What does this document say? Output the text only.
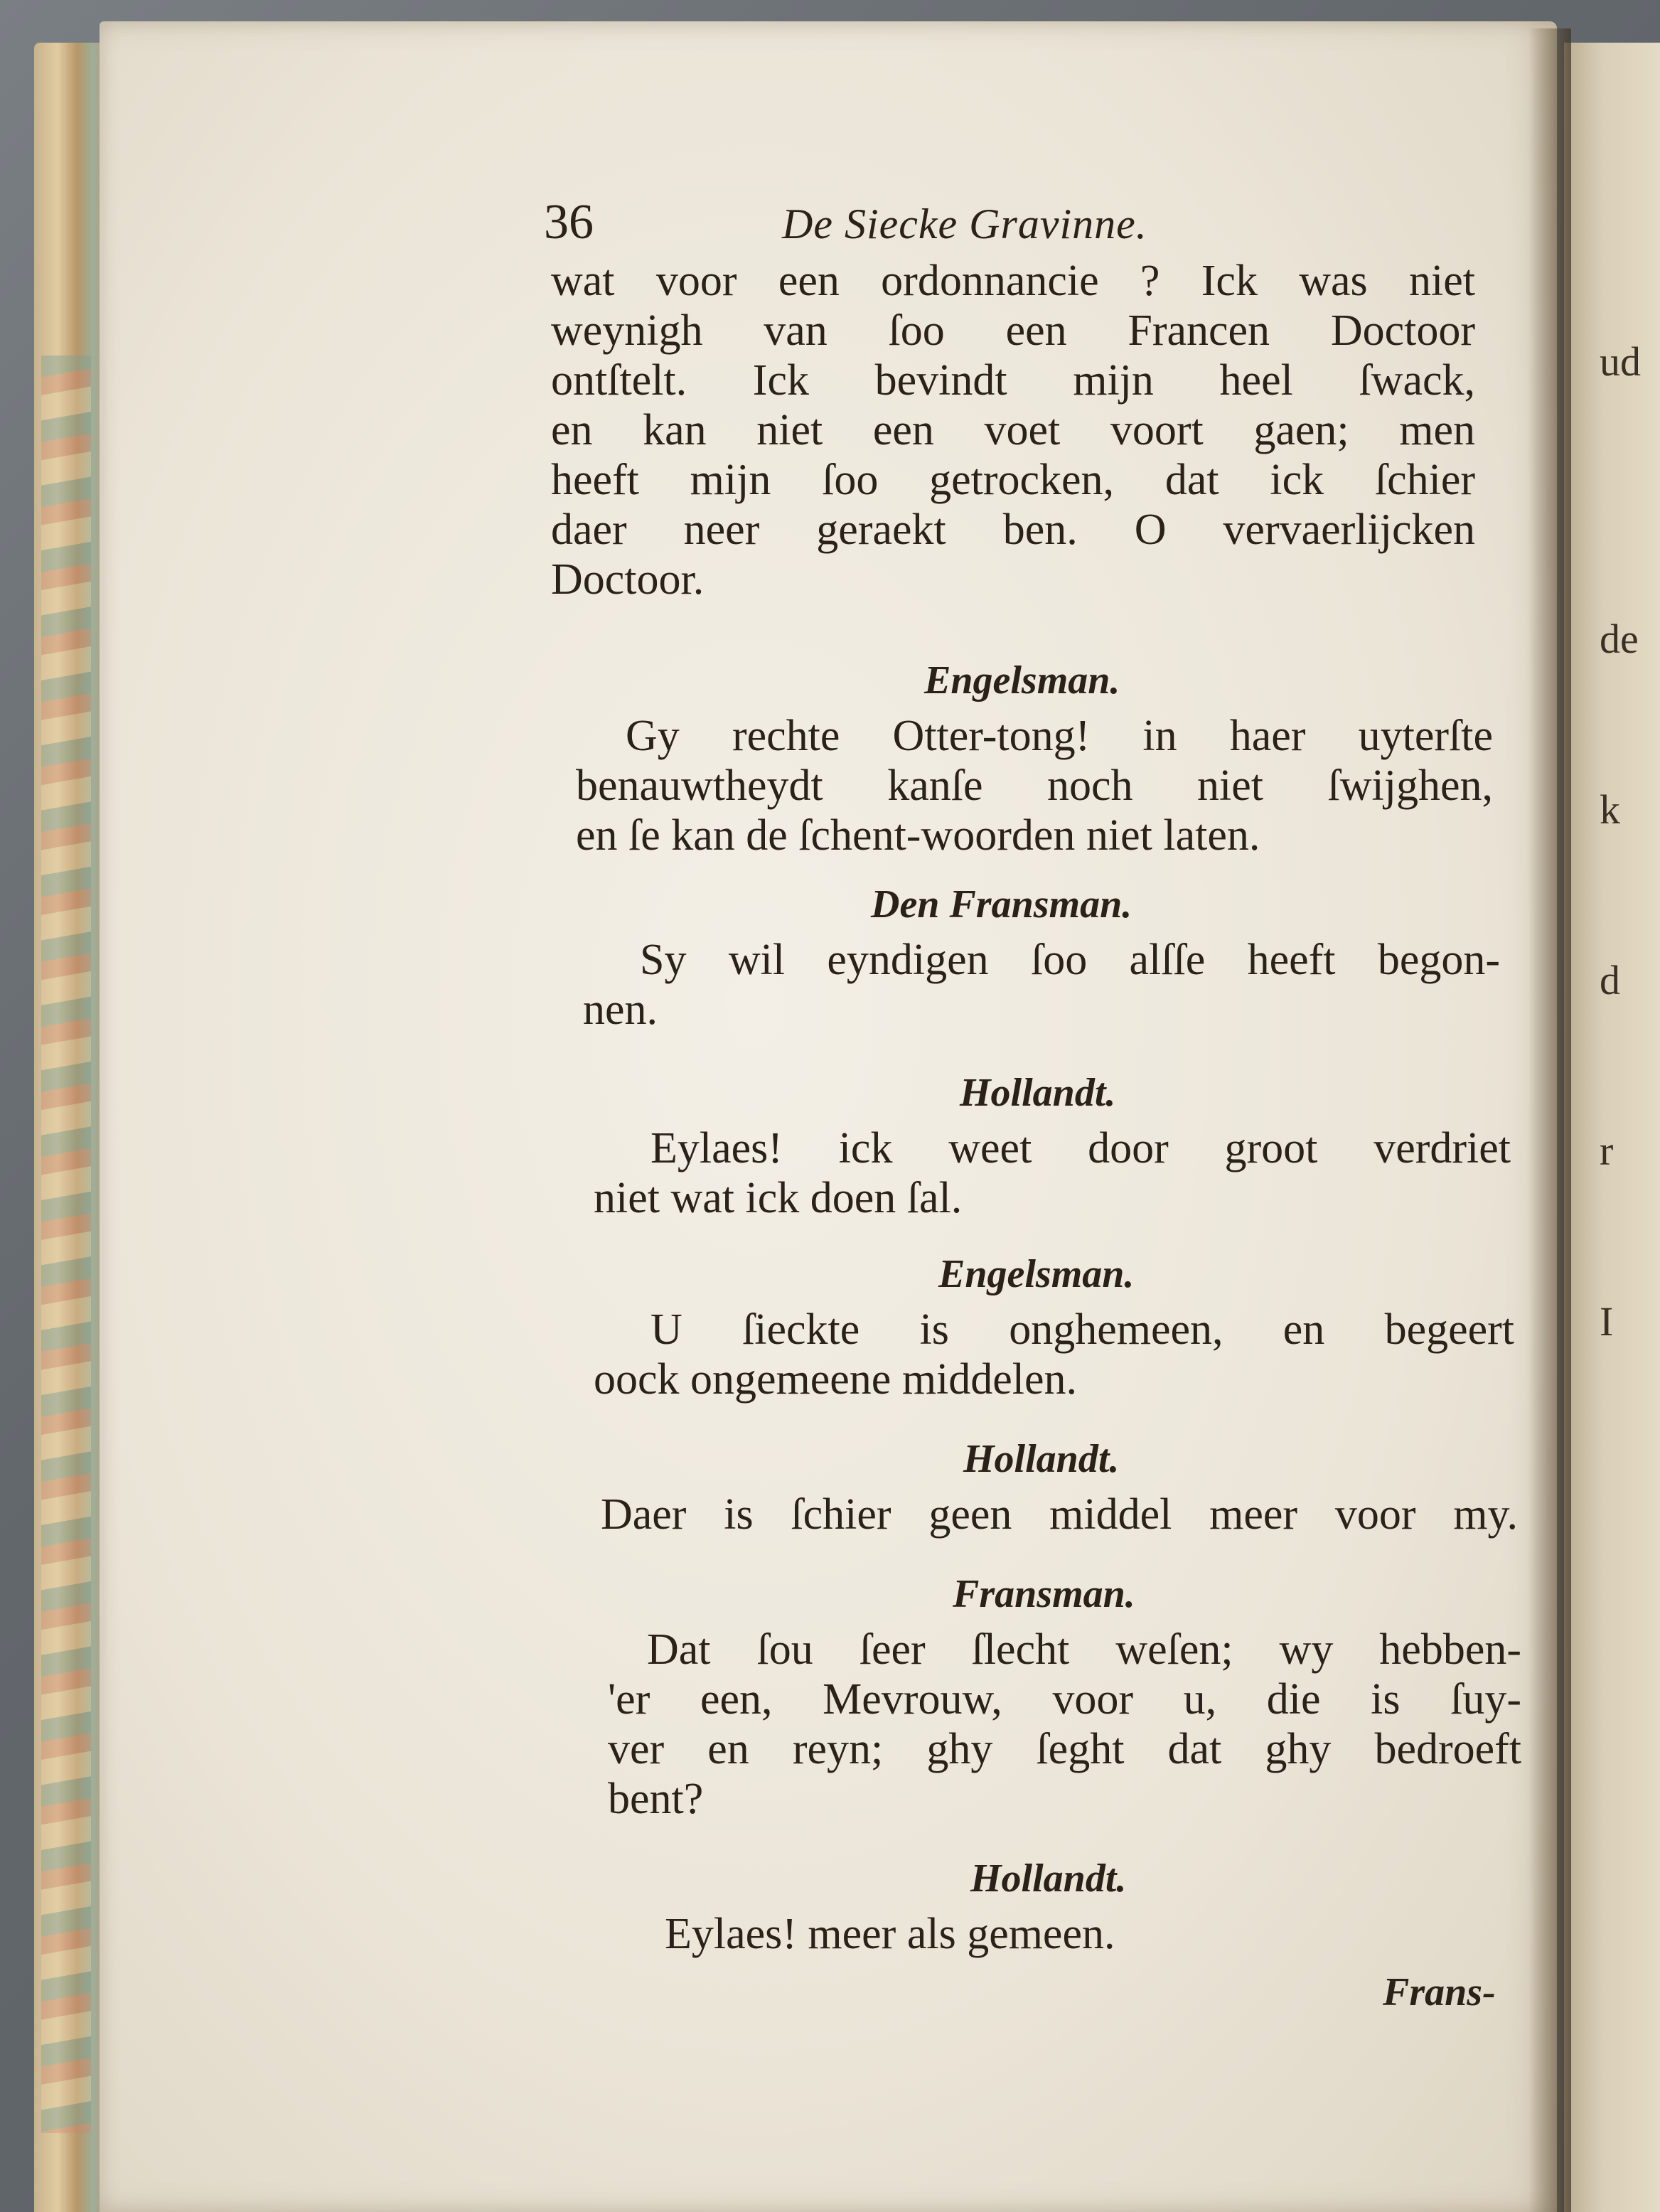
ud
de
k
d
r
I
36	De Siecke Gravinne.
wat voor een ordonnancie ? Ick was niet
weynigh van ſoo een Francen Doctoor
ontſtelt. Ick bevindt mijn heel ſwack,
en kan niet een voet voort gaen; men
heeft mijn ſoo getrocken, dat ick ſchier
daer neer geraekt ben. O vervaerlijcken
Doctoor.
Engelsman.
Gy rechte Otter-tong! in haer uyterſte
benauwtheydt kanſe noch niet ſwijghen,
en ſe kan de ſchent-woorden niet laten.
Den Fransman.
Sy wil eyndigen ſoo alſſe heeft begon-
nen.
Hollandt.
Eylaes! ick weet door groot verdriet
niet wat ick doen ſal.
Engelsman.
U ſieckte is onghemeen, en begeert
oock ongemeene middelen.
Hollandt.
Daer is ſchier geen middel meer voor my.
Fransman.
Dat ſou ſeer ſlecht weſen; wy hebben-
'er een, Mevrouw, voor u, die is ſuy-
ver en reyn; ghy ſeght dat ghy bedroeft
bent?
Hollandt.
Eylaes! meer als gemeen.
Frans-
